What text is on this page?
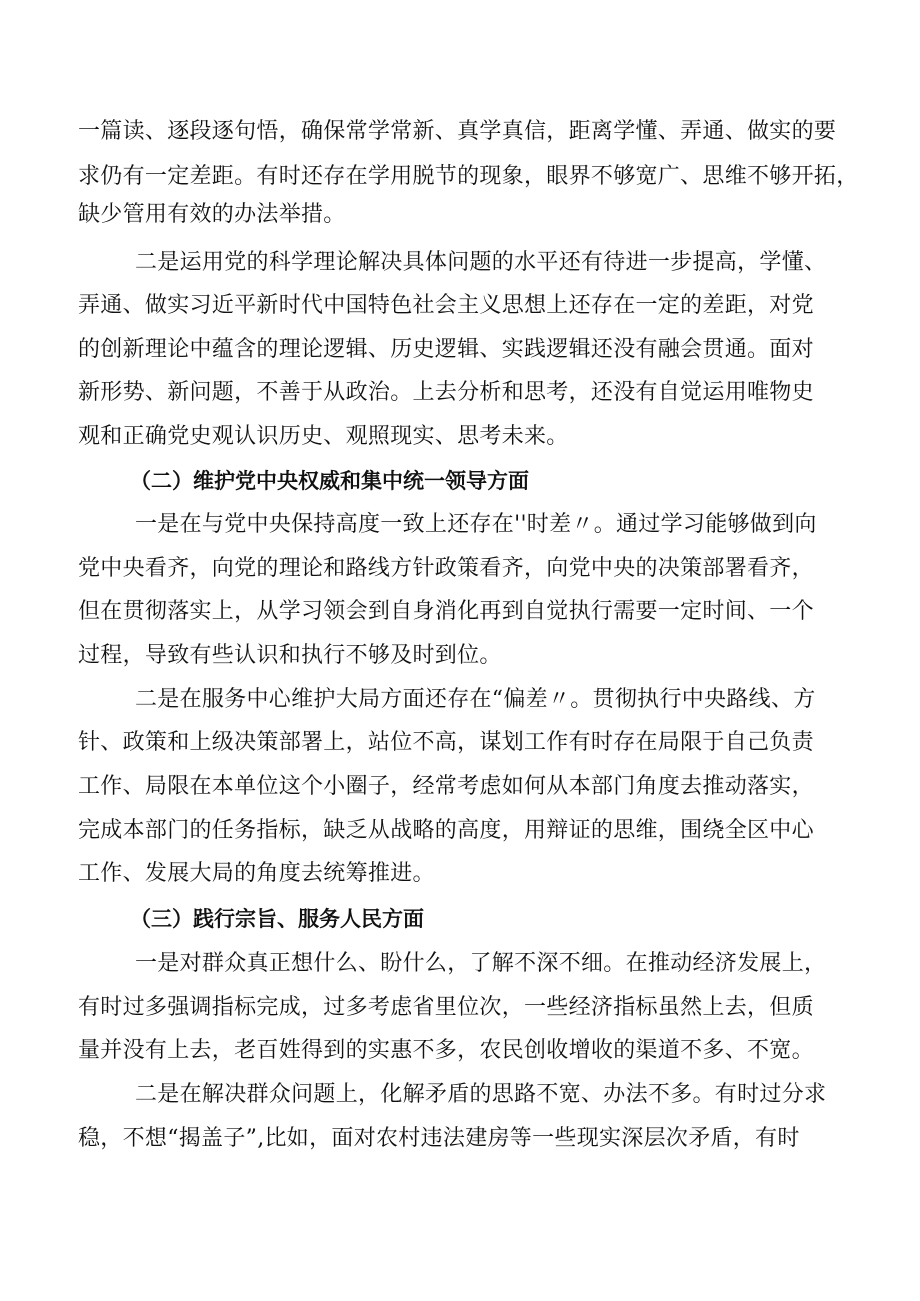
一篇读、逐段逐句悟，确保常学常新、真学真信，距离学懂、弄通、做实的要
求仍有一定差距。有时还存在学用脱节的现象，眼界不够宽广、思维不够开拓，
缺少管用有效的办法举措。
二是运用党的科学理论解决具体问题的水平还有待进一步提高，学懂、
弄通、做实习近平新时代中国特色社会主义思想上还存在一定的差距，对党
的创新理论中蕴含的理论逻辑、历史逻辑、实践逻辑还没有融会贯通。面对
新形势、新问题，不善于从政治。上去分析和思考，还没有自觉运用唯物史
观和正确党史观认识历史、观照现实、思考未来。
（二）维护党中央权威和集中统一领导方面
一是在与党中央保持高度一致上还存在''时差〃。通过学习能够做到向
党中央看齐，向党的理论和路线方针政策看齐，向党中央的决策部署看齐，
但在贯彻落实上，从学习领会到自身消化再到自觉执行需要一定时间、一个
过程，导致有些认识和执行不够及时到位。
二是在服务中心维护大局方面还存在“偏差〃。贯彻执行中央路线、方
针、政策和上级决策部署上，站位不高，谋划工作有时存在局限于自己负责
工作、局限在本单位这个小圈子，经常考虑如何从本部门角度去推动落实，
完成本部门的任务指标，缺乏从战略的高度，用辩证的思维，围绕全区中心
工作、发展大局的角度去统筹推进。
（三）践行宗旨、服务人民方面
一是对群众真正想什么、盼什么，了解不深不细。在推动经济发展上，
有时过多强调指标完成，过多考虑省里位次，一些经济指标虽然上去，但质
量并没有上去，老百姓得到的实惠不多，农民创收增收的渠道不多、不宽。
二是在解决群众问题上，化解矛盾的思路不宽、办法不多。有时过分求
稳，不想“揭盖子”,比如，面对农村违法建房等一些现实深层次矛盾，有时
